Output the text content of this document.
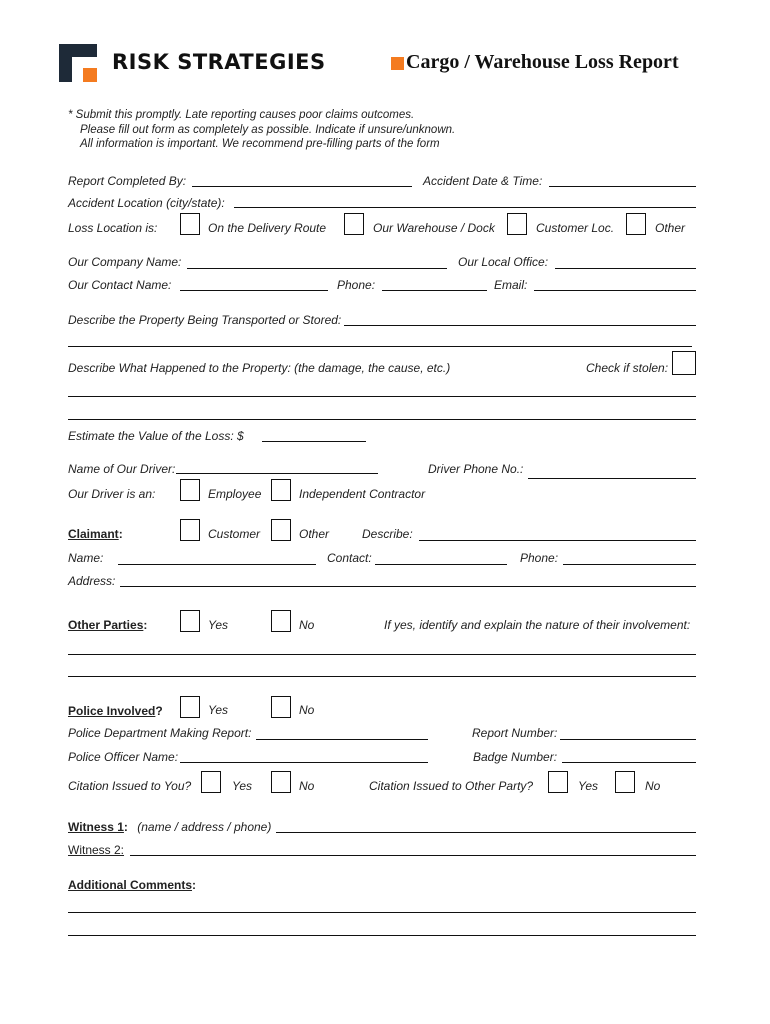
RISK STRATEGIES	Cargo / Warehouse Loss Report
* Submit this promptly. Late reporting causes poor claims outcomes.
Please fill out form as completely as possible. Indicate if unsure/unknown.
All information is important. We recommend pre-filling parts of the form
Report Completed By:	Accident Date & Time:
Accident Location (city/state):
Loss Location is:	On the Delivery Route	Our Warehouse / Dock	Customer Loc.	Other
Our Company Name:	Our Local Office:
Our Contact Name:	Phone:	Email:
Describe the Property Being Transported or Stored:
Describe What Happened to the Property: (the damage, the cause, etc.)	Check if stolen:
Estimate the Value of the Loss: $
Name of Our Driver:	Driver Phone No.:
Our Driver is an:	Employee	Independent Contractor
Claimant:	Customer	Other	Describe:
Name:	Contact:	Phone:
Address:
Other Parties:	Yes	No	If yes, identify and explain the nature of their involvement:
Police Involved?	Yes	No
Police Department Making Report:	Report Number:
Police Officer Name:	Badge Number:
Citation Issued to You?	Yes	No	Citation Issued to Other Party?	Yes	No
Witness 1: (name / address / phone)
Witness 2:
Additional Comments:
